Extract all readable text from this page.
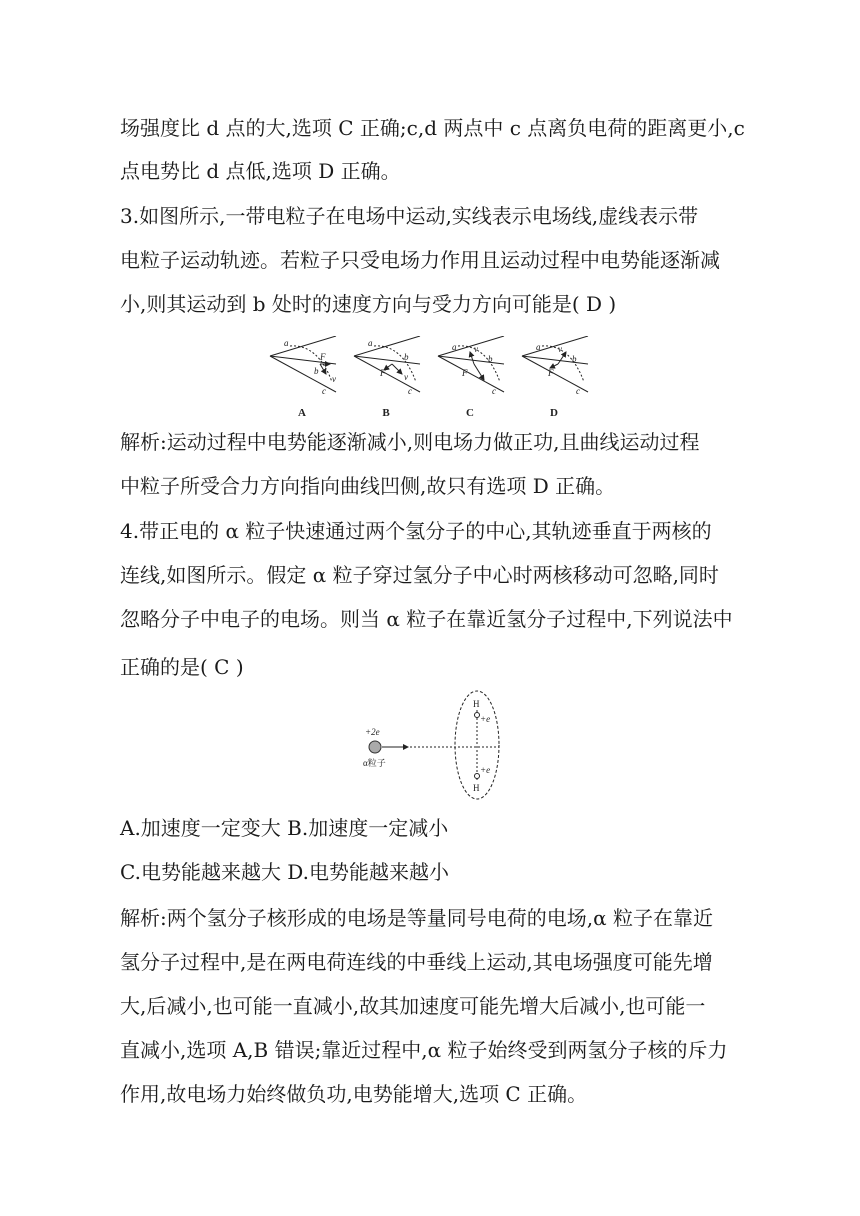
场强度比 d 点的大,选项 C 正确;c,d 两点中 c 点离负电荷的距离更小,c
点电势比 d 点低,选项 D 正确。
3.如图所示,一带电粒子在电场中运动,实线表示电场线,虚线表示带
电粒子运动轨迹。若粒子只受电场力作用且运动过程中电势能逐渐减
小,则其运动到 b 处时的速度方向与受力方向可能是( D )
a
F
b
v
c
a
b
F v
c
a v
b
F
c
a v
b
F
c
A	B	C	D
解析:运动过程中电势能逐渐减小,则电场力做正功,且曲线运动过程
中粒子所受合力方向指向曲线凹侧,故只有选项 D 正确。
4.带正电的 α 粒子快速通过两个氢分子的中心,其轨迹垂直于两核的
连线,如图所示。假定 α 粒子穿过氢分子中心时两核移动可忽略,同时
忽略分子中电子的电场。则当 α 粒子在靠近氢分子过程中,下列说法中
正确的是( C )
+2e
α粒子
H
+e
+e
H
A.加速度一定变大 B.加速度一定减小
C.电势能越来越大 D.电势能越来越小
解析:两个氢分子核形成的电场是等量同号电荷的电场,α 粒子在靠近
氢分子过程中,是在两电荷连线的中垂线上运动,其电场强度可能先增
大,后减小,也可能一直减小,故其加速度可能先增大后减小,也可能一
直减小,选项 A,B 错误;靠近过程中,α 粒子始终受到两氢分子核的斥力
作用,故电场力始终做负功,电势能增大,选项 C 正确。
